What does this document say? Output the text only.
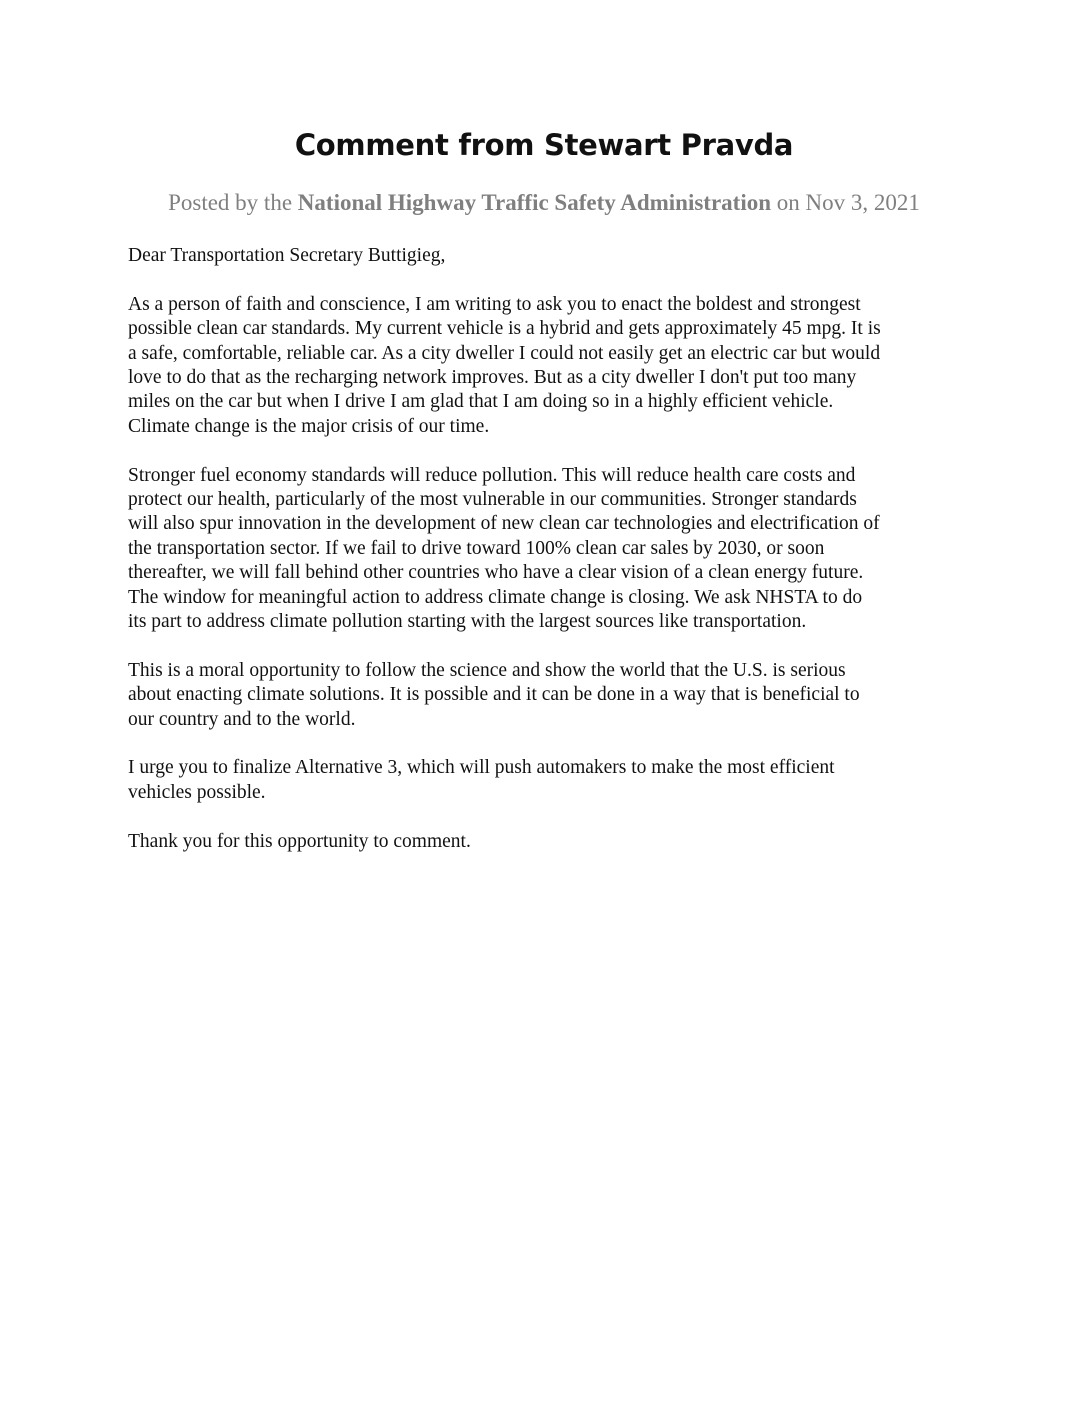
Comment from Stewart Pravda

Posted by the National Highway Traffic Safety Administration on Nov 3, 2021

Dear Transportation Secretary Buttigieg,

As a person of faith and conscience, I am writing to ask you to enact the boldest and strongest
possible clean car standards. My current vehicle is a hybrid and gets approximately 45 mpg. It is
a safe, comfortable, reliable car. As a city dweller I could not easily get an electric car but would
love to do that as the recharging network improves. But as a city dweller I don't put too many
miles on the car but when I drive I am glad that I am doing so in a highly efficient vehicle.
Climate change is the major crisis of our time.

Stronger fuel economy standards will reduce pollution. This will reduce health care costs and
protect our health, particularly of the most vulnerable in our communities. Stronger standards
will also spur innovation in the development of new clean car technologies and electrification of
the transportation sector. If we fail to drive toward 100% clean car sales by 2030, or soon
thereafter, we will fall behind other countries who have a clear vision of a clean energy future.
The window for meaningful action to address climate change is closing. We ask NHSTA to do
its part to address climate pollution starting with the largest sources like transportation.

This is a moral opportunity to follow the science and show the world that the U.S. is serious
about enacting climate solutions. It is possible and it can be done in a way that is beneficial to
our country and to the world.

I urge you to finalize Alternative 3, which will push automakers to make the most efficient
vehicles possible.

Thank you for this opportunity to comment.
